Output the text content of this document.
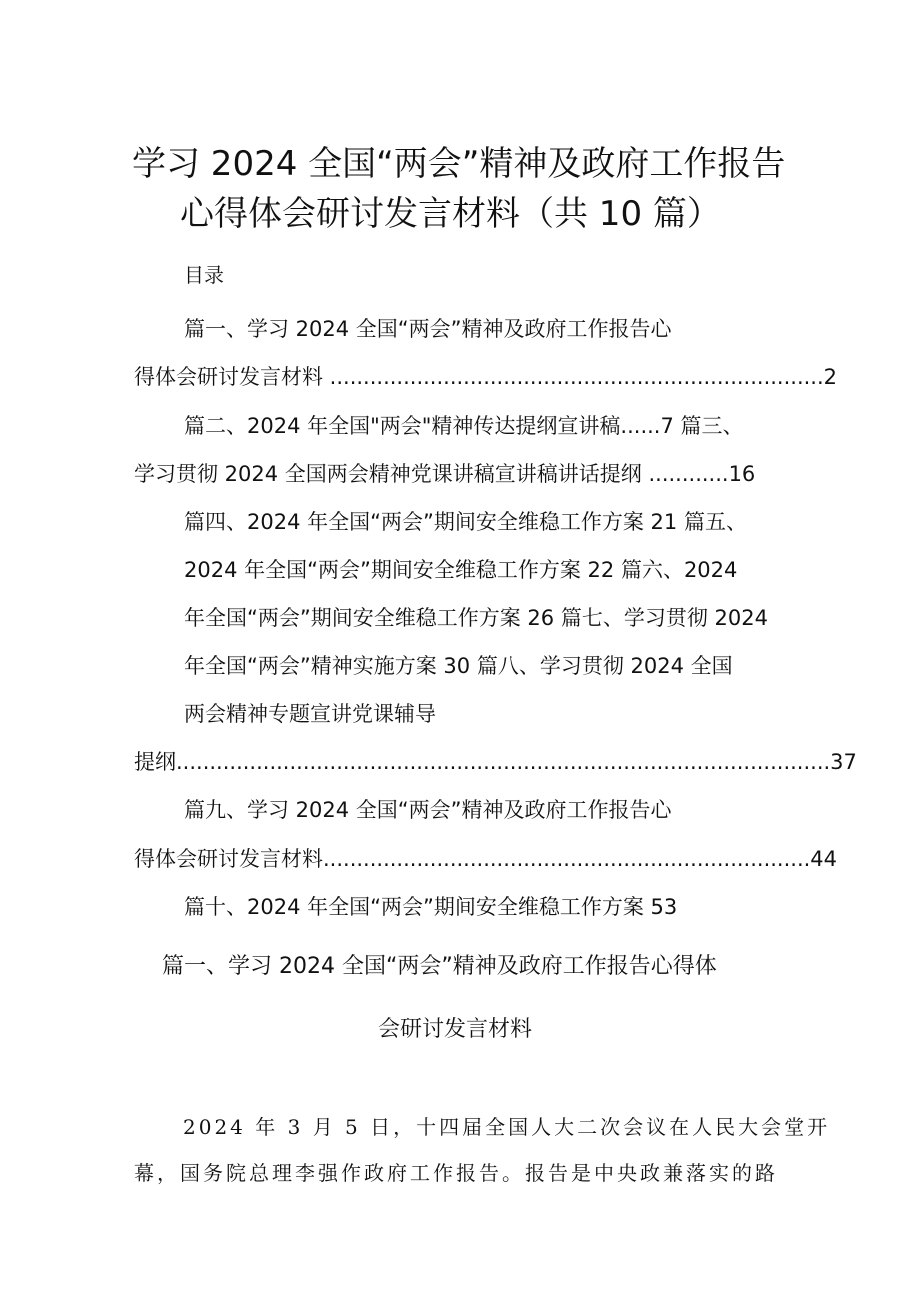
学习 2024 全国“两会”精神及政府工作报告
心得体会研讨发言材料（共 10 篇）
目录
篇一、学习 2024 全国“两会”精神及政府工作报告心
得体会研讨发言材料 ..........................................................................2
篇二、2024 年全国"两会"精神传达提纲宣讲稿......7 篇三、
学习贯彻 2024 全国两会精神党课讲稿宣讲稿讲话提纲 ............16
篇四、2024 年全国“两会”期间安全维稳工作方案 21 篇五、
2024 年全国“两会”期间安全维稳工作方案 22 篇六、2024
年全国“两会”期间安全维稳工作方案 26 篇七、学习贯彻 2024
年全国“两会”精神实施方案 30 篇八、学习贯彻 2024 全国
两会精神专题宣讲党课辅导
提纲..................................................................................................37
篇九、学习 2024 全国“两会”精神及政府工作报告心
得体会研讨发言材料.........................................................................44
篇十、2024 年全国“两会”期间安全维稳工作方案 53
篇一、学习 2024 全国“两会”精神及政府工作报告心得体
会研讨发言材料
2024 年 3 月 5 日，十四届全国人大二次会议在人民大会堂开
幕，国务院总理李强作政府工作报告。报告是中央政兼落实的路
